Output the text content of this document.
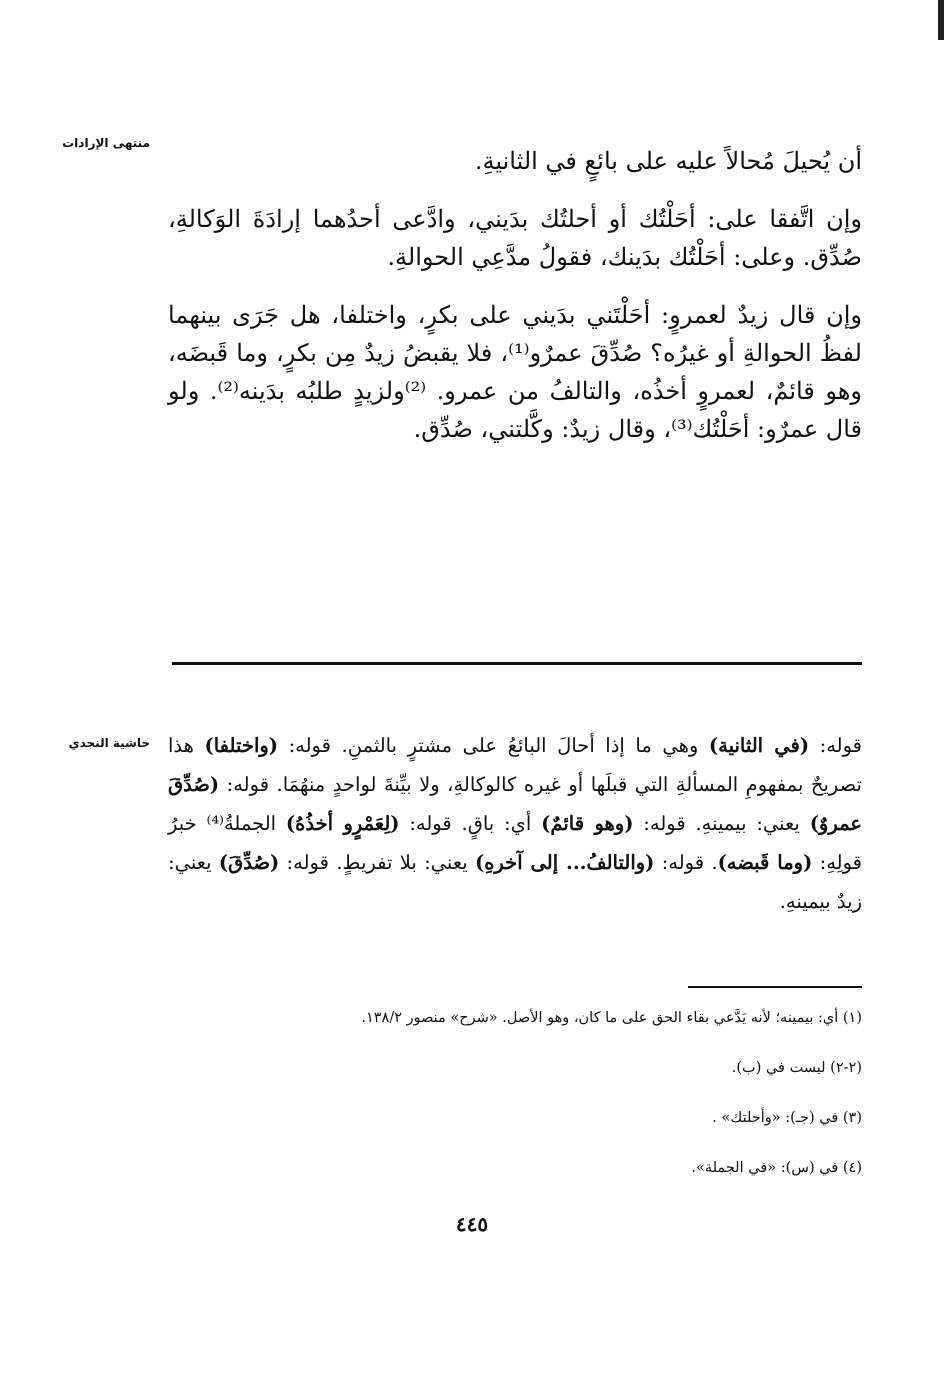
منتهى الإرادات

أن يُحيلَ مُحالاً عليه على بائعٍ في الثانيةِ.

وإن اتَّفقا على: أحَلْتُك أو أحلتُك بدَيني، وادَّعى أحدُهما إرادَةَ الوَكالةِ، صُدِّق. وعلى: أحَلْتُك بدَينك، فقولُ مدَّعِي الحوالةِ.

وإن قال زيدٌ لعمروٍ: أحَلْتَني بدَيني على بكرٍ، واختلفا، هل جَرَى بينهما لفظُ الحوالةِ أو غيرُه؟ صُدِّقَ عمرٌو⁽¹⁾، فلا يقبضُ زيدٌ مِن بكرٍ، وما قَبضَه، وهو قائمٌ، لعمروٍ أخذُه، والتالفُ من عمرو. ⁽²⁾ولزيدٍ طلبُه بدَينه⁽²⁾. ولو قال عمرٌو: أحَلْتُك⁽³⁾، وقال زيدٌ: وكَّلتني، صُدِّق.

حاشية النجدي	قوله: (في الثانية) وهي ما إذا أحالَ البائعُ على مشترٍ بالثمنِ. قوله: (واختلفا) هذا تصريحٌ بمفهومِ المسألةِ التي قبلَها أو غيره كالوكالةِ، ولا بيِّنةَ لواحدٍ منهُمَا. قوله: (صُدِّقَ عمروٌ) يعني: بيمينهِ. قوله: (وهو قائمٌ) أي: باقٍ. قوله: (لِعَمْرٍو أخذُهُ) الجملةُ⁽⁴⁾ خبرُ قولِهِ: (وما قَبضه). قوله: (والتالفُ... إلى آخرهِ) يعني: بلا تفريطٍ. قوله: (صُدِّقَ) يعني: زيدٌ بيمينهِ.

(١) أي: بيمينه؛ لأنه يَدَّعي بقاء الحق على ما كان، وهو الأصل. «شرح» منصور ١٣٨/٢.
(٢-٢) ليست في (ب).
(٣) في (جـ): «وأحلتك» .
(٤) في (س): «في الجملة».
٤٤٥
